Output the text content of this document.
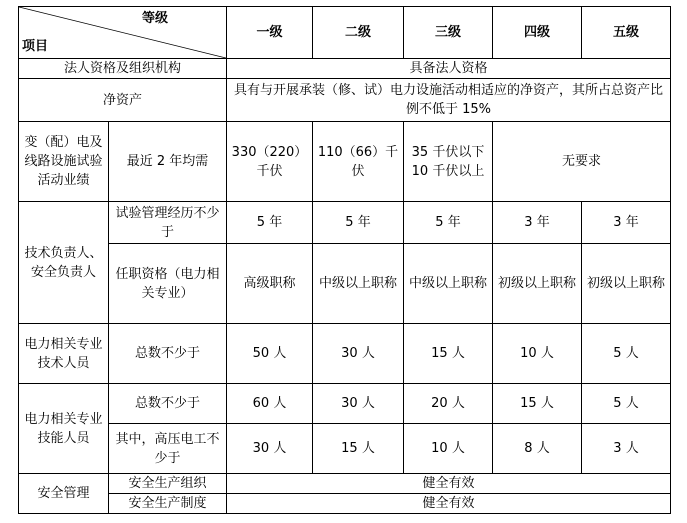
等级
项目		一级	二级	三级	四级	五级
法人资格及组织机构		具备法人资格				
净资产		具有与开展承装（修、试）电力设施活动相适应的净资产，其所占总资产比例不低于 15%				
变（配）电及线路设施试验活动业绩	最近 2 年均需	330（220）千伏	110（66）千伏	35 千伏以下10 千伏以上	无要求	
技术负责人、安全负责人	试验管理经历不少于	5 年	5 年	5 年	3 年	3 年
	任职资格（电力相关专业）	高级职称	中级以上职称	中级以上职称	初级以上职称	初级以上职称
电力相关专业技术人员	总数不少于	50 人	30 人	15 人	10 人	5 人
电力相关专业技能人员	总数不少于	60 人	30 人	20 人	15 人	5 人
	其中，高压电工不少于	30 人	15 人	10 人	8 人	3 人
安全管理	安全生产组织	健全有效				
	安全生产制度	健全有效				
